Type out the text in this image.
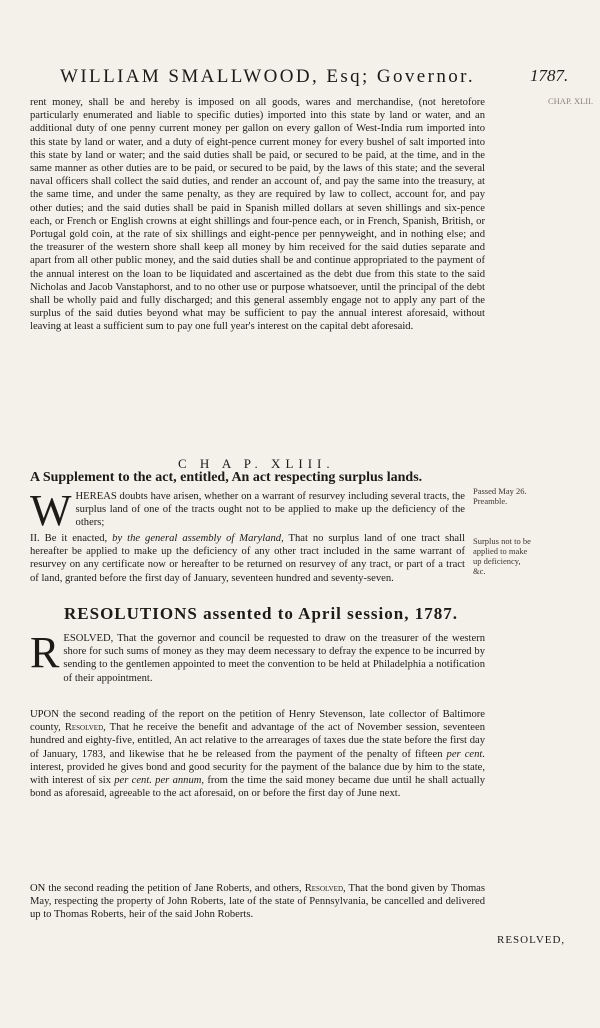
WILLIAM SMALLWOOD, Esq; Governor.	1787.
CHAP. XLII.
rent money, shall be and hereby is imposed on all goods, wares and merchandise, (not heretofore particularly enumerated and liable to specific duties) imported into this state by land or water, and an additional duty of one penny current money per gallon on every gallon of West-India rum imported into this state by land or water, and a duty of eight-pence current money for every bushel of salt imported into this state by land or water; and the said duties shall be paid, or secured to be paid, at the time, and in the same manner as other duties are to be paid, or secured to be paid, by the laws of this state; and the several naval officers shall collect the said duties, and render an account of, and pay the same into the treasury, at the same time, and under the same penalty, as they are required by law to collect, account for, and pay other duties; and the said duties shall be paid in Spanish milled dollars at seven shillings and six-pence each, or French or English crowns at eight shillings and four-pence each, or in French, Spanish, British, or Portugal gold coin, at the rate of six shillings and eight-pence per pennyweight, and in nothing else; and the treasurer of the western shore shall keep all money by him received for the said duties separate and apart from all other public money, and the said duties shall be and continue appropriated to the payment of the annual interest on the loan to be liquidated and ascertained as the debt due from this state to the said Nicholas and Jacob Vanstaphorst, and to no other use or purpose whatsoever, until the principal of the debt shall be wholly paid and fully discharged; and this general assembly engage not to apply any part of the surplus of the said duties beyond what may be sufficient to pay the annual interest aforesaid, without leaving at least a sufficient sum to pay one full year's interest on the capital debt aforesaid.
C H A P. XLIII.
A Supplement to the act, entitled, An act respecting surplus lands.
Passed May 26.
Preamble.
W HEREAS doubts have arisen, whether on a warrant of resurvey including several tracts, the surplus land of one of the tracts ought not to be applied to make up the deficiency of the others;
Surplus not to be applied to make up deficiency, &c.
II. Be it enacted, by the general assembly of Maryland, That no surplus land of one tract shall hereafter be applied to make up the deficiency of any other tract included in the same warrant of resurvey on any certificate now or hereafter to be returned on resurvey of any tract, or part of a tract of land, granted before the first day of January, seventeen hundred and seventy-seven.
RESOLUTIONS assented to April session, 1787.
R ESOLVED, That the governor and council be requested to draw on the treasurer of the western shore for such sums of money as they may deem necessary to defray the expence to be incurred by sending to the gentlemen appointed to meet the convention to be held at Philadelphia a notification of their appointment.
UPON the second reading of the report on the petition of Henry Stevenson, late collector of Baltimore county, Resolved, That he receive the benefit and advantage of the act of November session, seventeen hundred and eighty-five, entitled, An act relative to the arrearages of taxes due the state before the first day of January, 1783, and likewise that he be released from the payment of the penalty of fifteen per cent. interest, provided he gives bond and good security for the payment of the balance due by him to the state, with interest of six per cent. per annum, from the time the said money became due until he shall actually bond as aforesaid, agreeable to the act aforesaid, on or before the first day of June next.
ON the second reading the petition of Jane Roberts, and others, Resolved, That the bond given by Thomas May, respecting the property of John Roberts, late of the state of Pennsylvania, be cancelled and delivered up to Thomas Roberts, heir of the said John Roberts.
RESOLVED,
